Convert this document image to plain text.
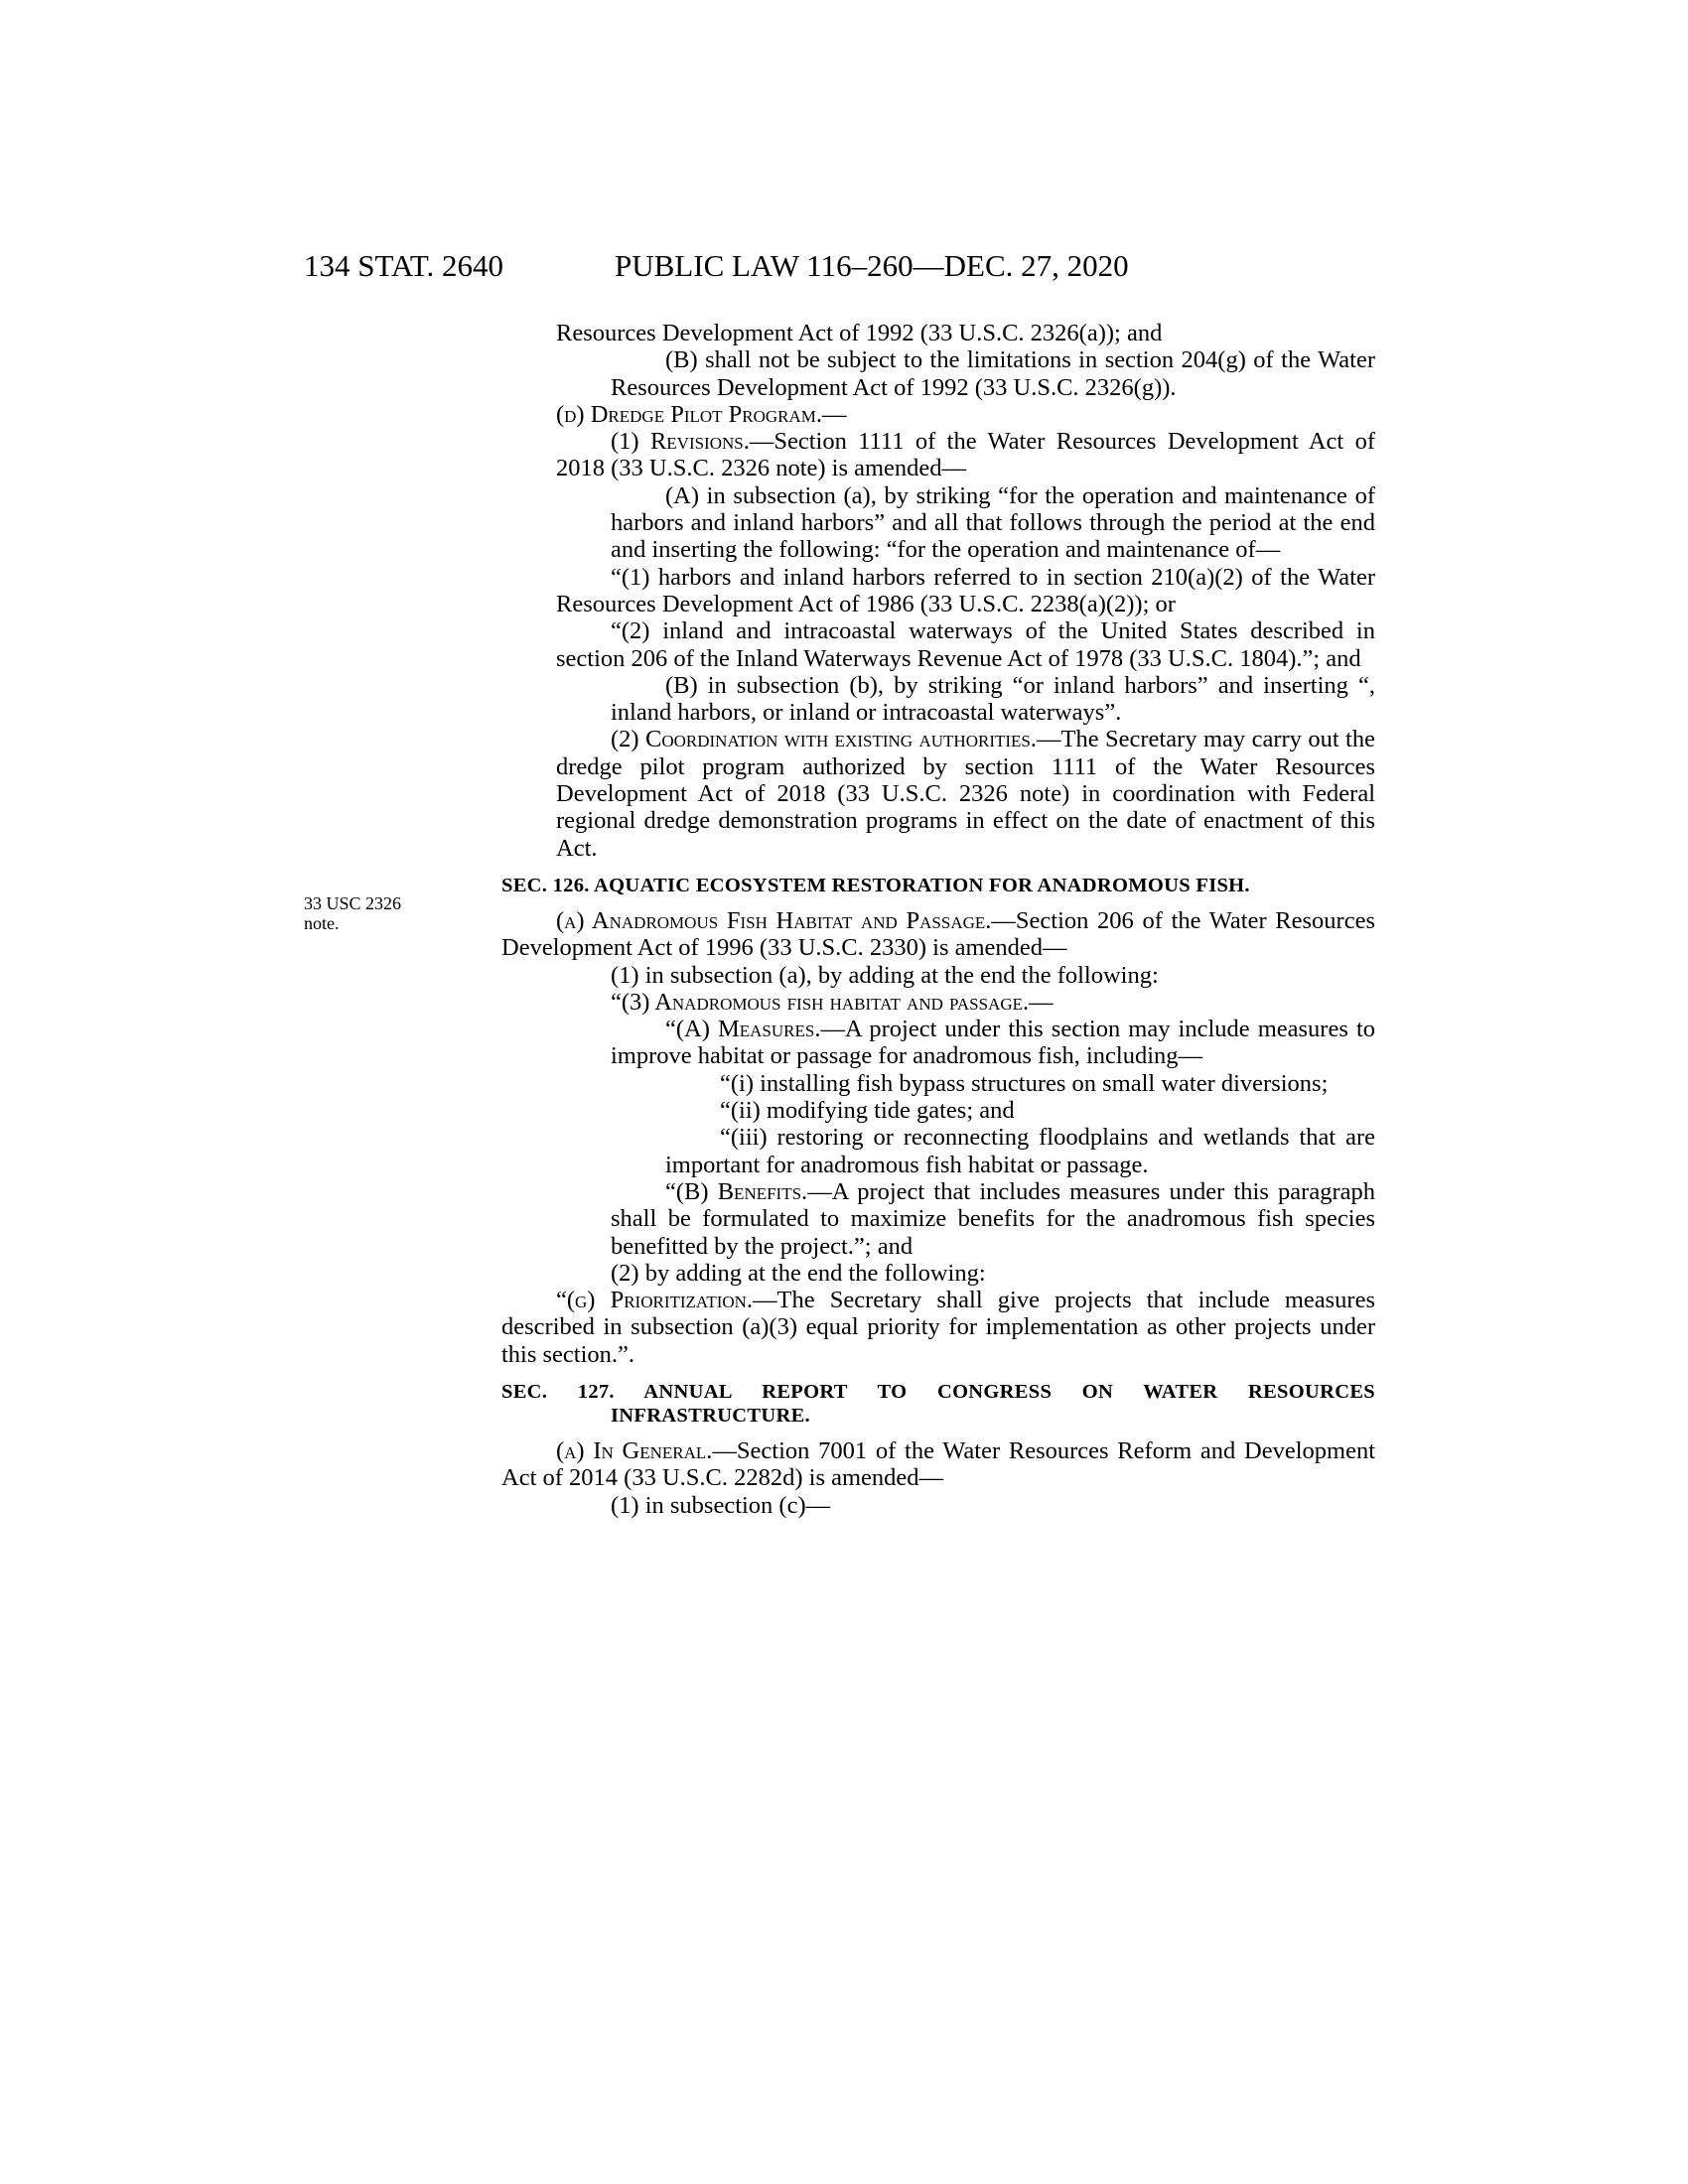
134 STAT. 2640	PUBLIC LAW 116–260—DEC. 27, 2020
33 USC 2326
note.

Resources Development Act of 1992 (33 U.S.C. 2326(a)); and

(B) shall not be subject to the limitations in section 204(g) of the Water Resources Development Act of 1992 (33 U.S.C. 2326(g)).

(d) Dredge Pilot Program.—

(1) Revisions.—Section 1111 of the Water Resources Development Act of 2018 (33 U.S.C. 2326 note) is amended—

(A) in subsection (a), by striking “for the operation and maintenance of harbors and inland harbors” and all that follows through the period at the end and inserting the following: “for the operation and maintenance of—

“(1) harbors and inland harbors referred to in section 210(a)(2) of the Water Resources Development Act of 1986 (33 U.S.C. 2238(a)(2)); or

“(2) inland and intracoastal waterways of the United States described in section 206 of the Inland Waterways Revenue Act of 1978 (33 U.S.C. 1804).”; and

(B) in subsection (b), by striking “or inland harbors” and inserting “, inland harbors, or inland or intracoastal waterways”.

(2) Coordination with existing authorities.—The Secretary may carry out the dredge pilot program authorized by section 1111 of the Water Resources Development Act of 2018 (33 U.S.C. 2326 note) in coordination with Federal regional dredge demonstration programs in effect on the date of enactment of this Act.

SEC. 126. AQUATIC ECOSYSTEM RESTORATION FOR ANADROMOUS FISH.

(a) Anadromous Fish Habitat and Passage.—Section 206 of the Water Resources Development Act of 1996 (33 U.S.C. 2330) is amended—

(1) in subsection (a), by adding at the end the following:

“(3) Anadromous fish habitat and passage.—

“(A) Measures.—A project under this section may include measures to improve habitat or passage for anadromous fish, including—

“(i) installing fish bypass structures on small water diversions;

“(ii) modifying tide gates; and

“(iii) restoring or reconnecting floodplains and wetlands that are important for anadromous fish habitat or passage.

“(B) Benefits.—A project that includes measures under this paragraph shall be formulated to maximize benefits for the anadromous fish species benefitted by the project.”; and

(2) by adding at the end the following:

“(g) Prioritization.—The Secretary shall give projects that include measures described in subsection (a)(3) equal priority for implementation as other projects under this section.”.

SEC. 127. ANNUAL REPORT TO CONGRESS ON WATER RESOURCES INFRASTRUCTURE.

(a) In General.—Section 7001 of the Water Resources Reform and Development Act of 2014 (33 U.S.C. 2282d) is amended—

(1) in subsection (c)—
